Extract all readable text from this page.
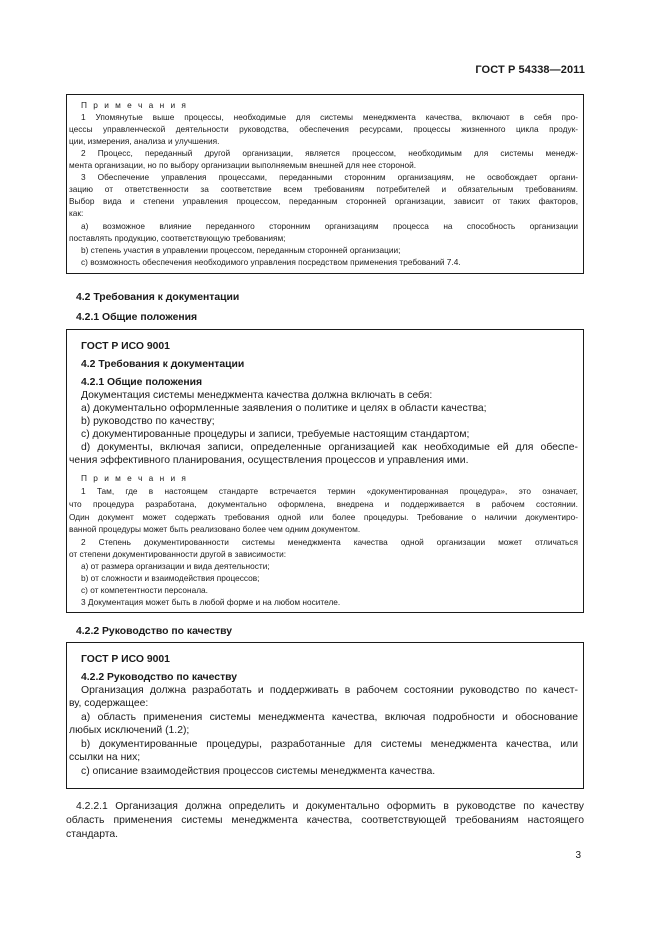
ГОСТ Р 54338—2011
П р и м е ч а н и я
1 Упомянутые выше процессы, необходимые для системы менеджмента качества, включают в себя про-
цессы управленческой деятельности руководства, обеспечения ресурсами, процессы жизненного цикла продук-
ции, измерения, анализа и улучшения.
2 Процесс, переданный другой организации, является процессом, необходимым для системы менедж-
мента организации, но по выбору организации выполняемым внешней для нее стороной.
3 Обеспечение управления процессами, переданными сторонним организациям, не освобождает органи-
зацию от ответственности за соответствие всем требованиям потребителей и обязательным требованиям.
Выбор вида и степени управления процессом, переданным сторонней организации, зависит от таких факторов,
как:
a) возможное влияние переданного сторонним организациям процесса на способность организации
поставлять продукцию, соответствующую требованиям;
b) степень участия в управлении процессом, переданным сторонней организации;
c) возможность обеспечения необходимого управления посредством применения требований 7.4.
4.2 Требования к документации
4.2.1 Общие положения
ГОСТ Р ИСО 9001
4.2 Требования к документации
4.2.1 Общие положения
Документация системы менеджмента качества должна включать в себя:
a) документально оформленные заявления о политике и целях в области качества;
b) руководство по качеству;
c) документированные процедуры и записи, требуемые настоящим стандартом;
d) документы, включая записи, определенные организацией как необходимые ей для обеспе-
чения эффективного планирования, осуществления процессов и управления ими.
П р и м е ч а н и я
1 Там, где в настоящем стандарте встречается термин «документированная процедура», это означает,
что процедура разработана, документально оформлена, внедрена и поддерживается в рабочем состоянии.
Один документ может содержать требования одной или более процедуры. Требование о наличии документиро-
ванной процедуры может быть реализовано более чем одним документом.
2 Степень документированности системы менеджмента качества одной организации может отличаться
от степени документированности другой в зависимости:
a) от размера организации и вида деятельности;
b) от сложности и взаимодействия процессов;
c) от компетентности персонала.
3 Документация может быть в любой форме и на любом носителе.
4.2.2 Руководство по качеству
ГОСТ Р ИСО 9001
4.2.2 Руководство по качеству
Организация должна разработать и поддерживать в рабочем состоянии руководство по качест-
ву, содержащее:
a) область применения системы менеджмента качества, включая подробности и обоснование
любых исключений (1.2);
b) документированные процедуры, разработанные для системы менеджмента качества, или
ссылки на них;
c) описание взаимодействия процессов системы менеджмента качества.
4.2.2.1 Организация должна определить и документально оформить в руководстве по качеству
область применения системы менеджмента качества, соответствующей требованиям настоящего
стандарта.
3
